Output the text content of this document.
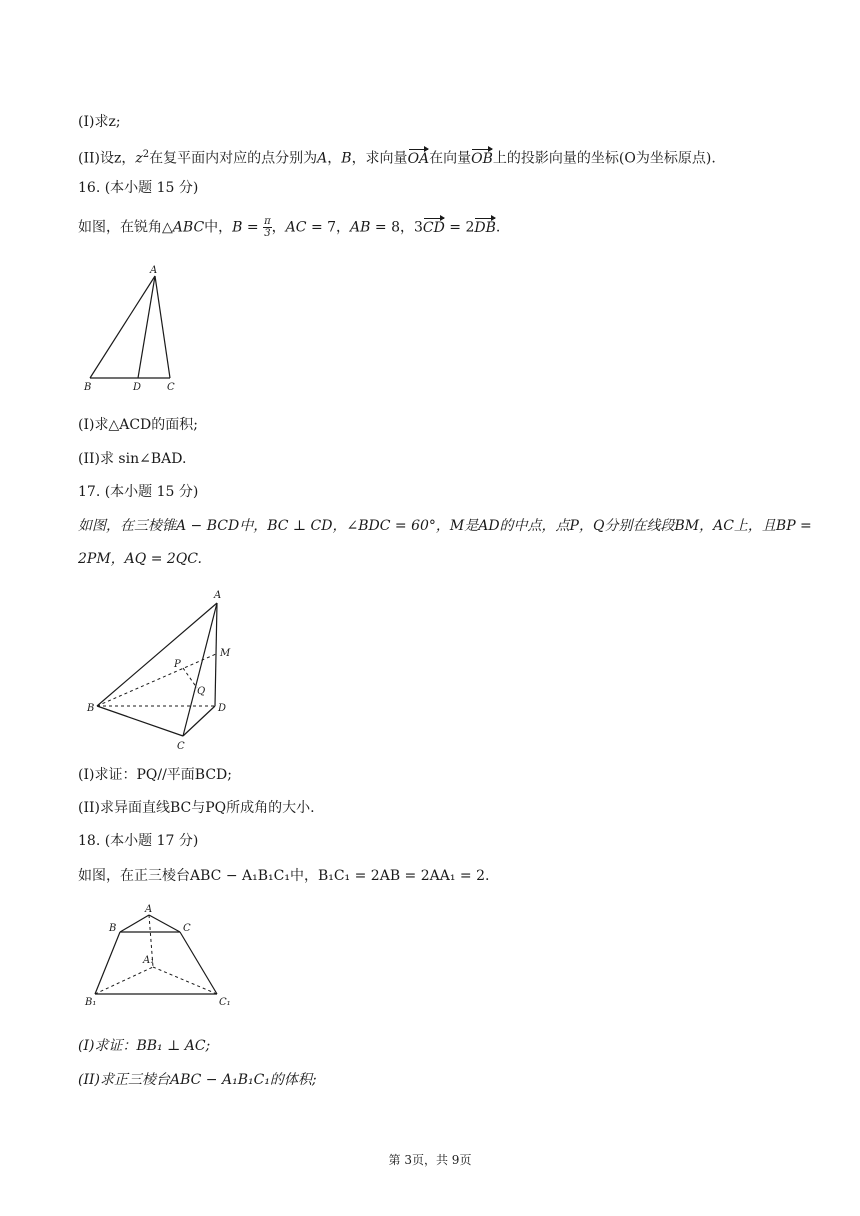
(I)求z;
(II)设z，$z^2$在复平面内对应的点分别为A，B，求向量OA在向量OB上的投影向量的坐标(O为坐标原点).
16. (本小题 15 分)
如图，在锐角△ABC中，$B = \frac{\pi}{3}$ ，AC = 7，AB = 8，3CD = 2DB.
A
B	D	C
(I)求△ACD的面积;
(II)求 sin∠BAD.
17. (本小题 15 分)
如图，在三棱锥A − BCD中，BC ⊥ CD，∠BDC = 60°，M是AD的中点，点P，Q分别在线段BM，AC上，且BP =
2PM，AQ = 2QC.
A
M
P
Q
B	D
C
(I)求证：PQ//平面BCD;
(II)求异面直线BC与PQ所成角的大小.
18. (本小题 17 分)
如图，在正三棱台ABC − A₁B₁C₁中，B₁C₁ = 2AB = 2AA₁ = 2.
A
B	C
A₁
B₁	C₁
(I)求证：BB₁ ⊥ AC;
(II)求正三棱台ABC − A₁B₁C₁的体积;
第 3页，共 9页
